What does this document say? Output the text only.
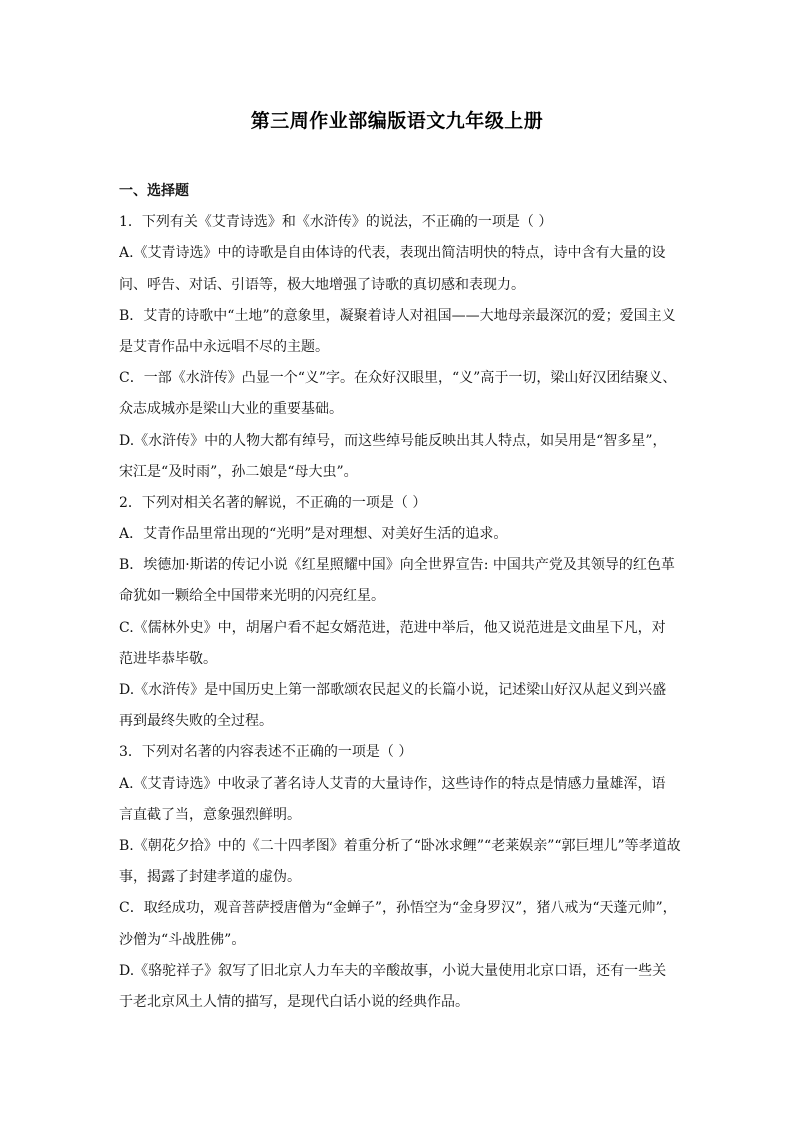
第三周作业部编版语文九年级上册
一、选择题
1．下列有关《艾青诗选》和《水浒传》的说法，不正确的一项是（ ）
A.《艾青诗选》中的诗歌是自由体诗的代表，表现出简洁明快的特点，诗中含有大量的设
问、呼告、对话、引语等，极大地增强了诗歌的真切感和表现力。
B．艾青的诗歌中“土地”的意象里，凝聚着诗人对祖国——大地母亲最深沉的爱；爱国主义
是艾青作品中永远唱不尽的主题。
C．一部《水浒传》凸显一个“义”字。在众好汉眼里，“义”高于一切，梁山好汉团结聚义、
众志成城亦是梁山大业的重要基础。
D.《水浒传》中的人物大都有绰号，而这些绰号能反映出其人特点，如吴用是“智多星”，
宋江是“及时雨”，孙二娘是“母大虫”。
2．下列对相关名著的解说，不正确的一项是（ ）
A．艾青作品里常出现的“光明”是对理想、对美好生活的追求。
B．埃德加·斯诺的传记小说《红星照耀中国》向全世界宣告: 中国共产党及其领导的红色革
命犹如一颗给全中国带来光明的闪亮红星。
C.《儒林外史》中，胡屠户看不起女婿范进，范进中举后，他又说范进是文曲星下凡，对
范进毕恭毕敬。
D.《水浒传》是中国历史上第一部歌颂农民起义的长篇小说，记述梁山好汉从起义到兴盛
再到最终失败的全过程。
3．下列对名著的内容表述不正确的一项是（ ）
A.《艾青诗选》中收录了著名诗人艾青的大量诗作，这些诗作的特点是情感力量雄浑，语
言直截了当，意象强烈鲜明。
B.《朝花夕拾》中的《二十四孝图》着重分析了“卧冰求鲤”“老莱娱亲”“郭巨埋儿”等孝道故
事，揭露了封建孝道的虚伪。
C．取经成功，观音菩萨授唐僧为“金蝉子”，孙悟空为“金身罗汉”，猪八戒为“天蓬元帅”，
沙僧为“斗战胜佛”。
D.《骆驼祥子》叙写了旧北京人力车夫的辛酸故事，小说大量使用北京口语，还有一些关
于老北京风土人情的描写，是现代白话小说的经典作品。
